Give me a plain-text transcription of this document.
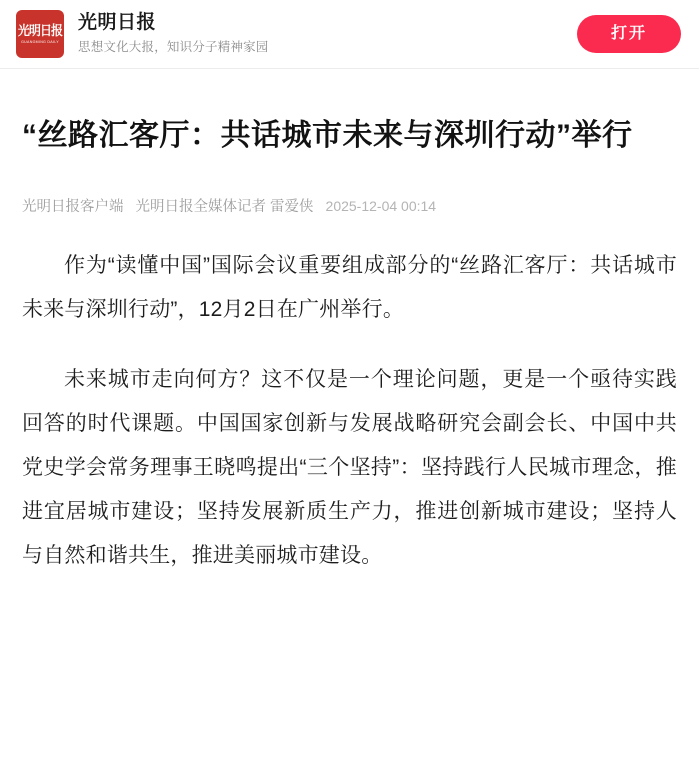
光明日报
GUANGMING DAILY
光明日报
思想文化大报，知识分子精神家园
打开
“丝路汇客厅：共话城市未来与深圳行动”举行
光明日报客户端 光明日报全媒体记者 雷爱侠 2025-12-04 00:14

作为“读懂中国”国际会议重要组成部分的“丝路汇客厅：共话城市未来与深圳行动”，12月2日在广州举行。

未来城市走向何方？这不仅是一个理论问题，更是一个亟待实践回答的时代课题。中国国家创新与发展战略研究会副会长、中国中共党史学会常务理事王晓鸣提出“三个坚持”：坚持践行人民城市理念，推进宜居城市建设；坚持发展新质生产力，推进创新城市建设；坚持人与自然和谐共生，推进美丽城市建设。
